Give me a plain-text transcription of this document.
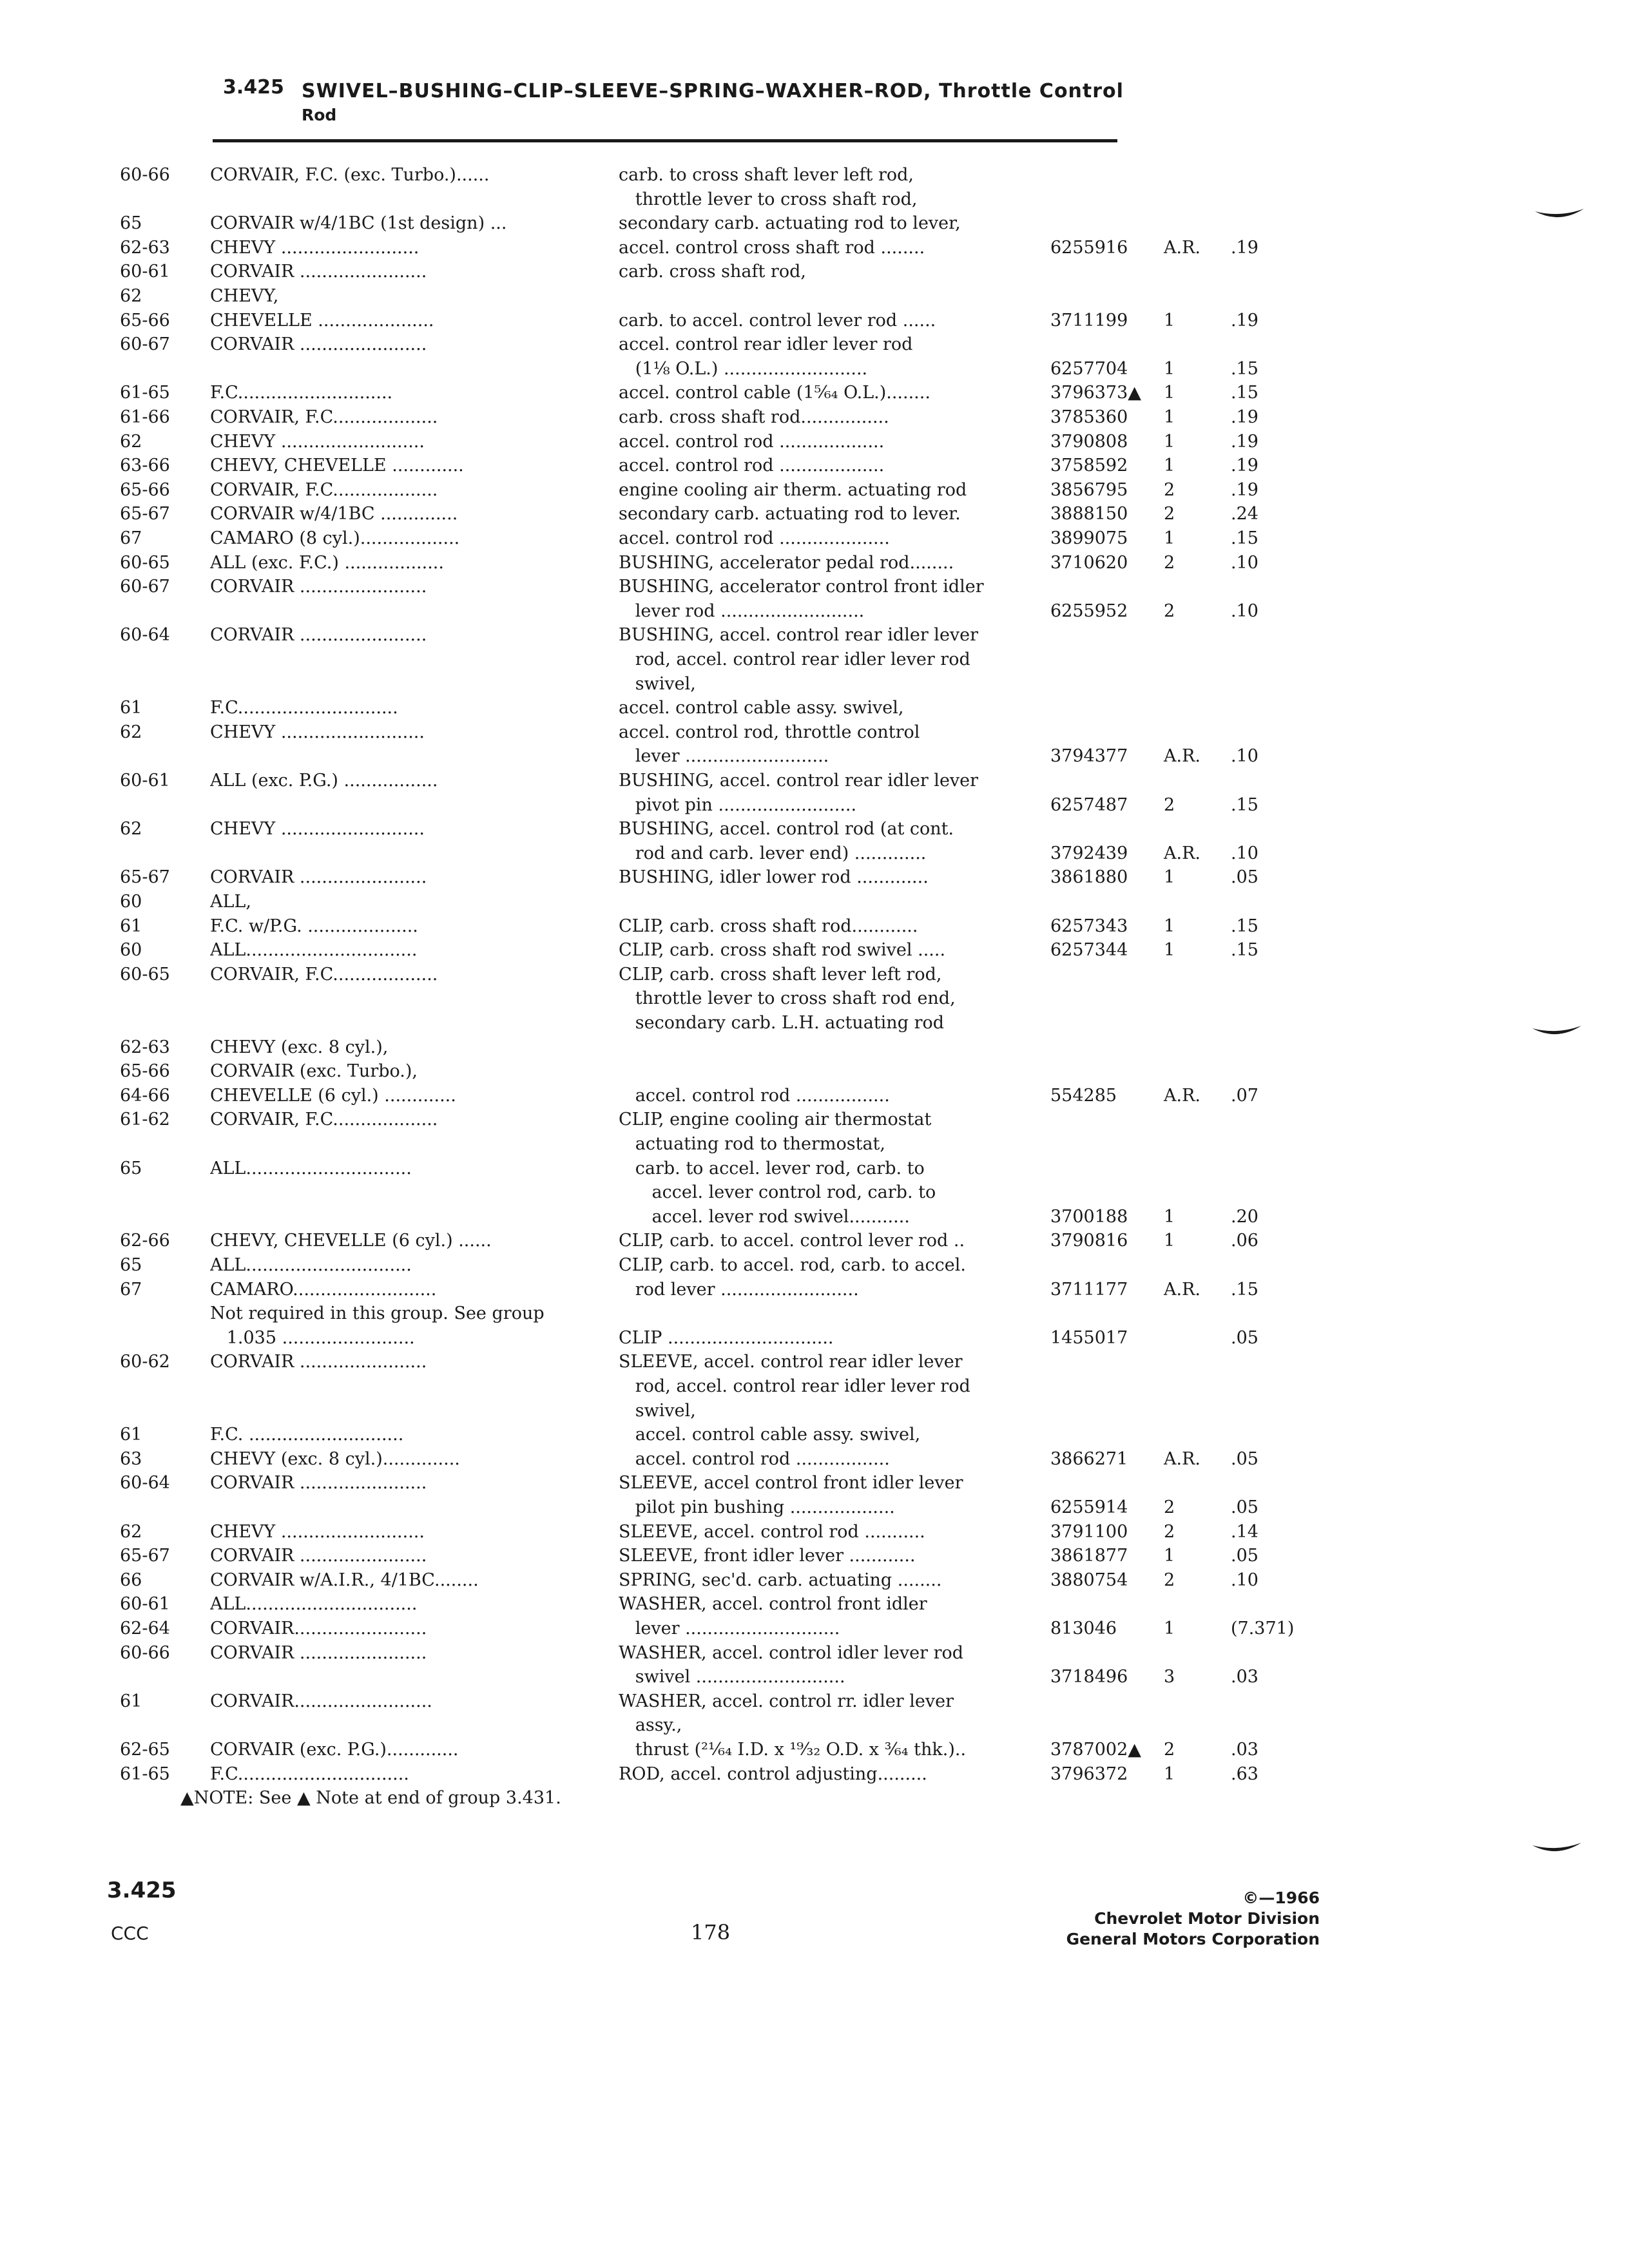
3.425 SWIVEL–BUSHING–CLIP–SLEEVE–SPRING–WAXHER–ROD, Throttle Control
Rod
60-66 CORVAIR, F.C. (exc. Turbo.)......	carb. to cross shaft lever left rod,
throttle lever to cross shaft rod,
65	CORVAIR w/4/1BC (1st design) ...	secondary carb. actuating rod to lever,
62-63 CHEVY .........................	accel. control cross shaft rod ........	6255916 A.R. .19
60-61 CORVAIR .......................	carb. cross shaft rod,
62	CHEVY,
65-66 CHEVELLE .....................	carb. to accel. control lever rod ......	3711199 1	.19
60-67 CORVAIR .......................	accel. control rear idler lever rod
(1⅛ O.L.) ..........................	6257704 1	.15
61-65 F.C............................	accel. control cable (1⁵⁄₆₄ O.L.)........	3796373▲ 1	.15
61-66 CORVAIR, F.C...................	carb. cross shaft rod................	3785360 1	.19
62	CHEVY ..........................	accel. control rod ...................	3790808 1	.19
63-66 CHEVY, CHEVELLE .............	accel. control rod ...................	3758592 1	.19
65-66 CORVAIR, F.C...................	engine cooling air therm. actuating rod	3856795 2	.19
65-67 CORVAIR w/4/1BC ..............	secondary carb. actuating rod to lever.	3888150 2	.24
67	CAMARO (8 cyl.)..................	accel. control rod ....................	3899075 1	.15
60-65 ALL (exc. F.C.) ..................	BUSHING, accelerator pedal rod........	3710620 2	.10
60-67 CORVAIR .......................	BUSHING, accelerator control front idler
lever rod ..........................	6255952 2	.10
60-64 CORVAIR .......................	BUSHING, accel. control rear idler lever
rod, accel. control rear idler lever rod
swivel,
61	F.C.............................	accel. control cable assy. swivel,
62	CHEVY ..........................	accel. control rod, throttle control
lever ..........................	3794377 A.R. .10
60-61 ALL (exc. P.G.) .................	BUSHING, accel. control rear idler lever
pivot pin .........................	6257487 2	.15
62	CHEVY ..........................	BUSHING, accel. control rod (at cont.
rod and carb. lever end) .............	3792439 A.R. .10
65-67 CORVAIR .......................	BUSHING, idler lower rod .............	3861880 1	.05
60	ALL,
61	F.C. w/P.G. ....................	CLIP, carb. cross shaft rod............	6257343 1	.15
60	ALL...............................	CLIP, carb. cross shaft rod swivel .....	6257344 1	.15
60-65 CORVAIR, F.C...................	CLIP, carb. cross shaft lever left rod,
throttle lever to cross shaft rod end,
secondary carb. L.H. actuating rod
62-63 CHEVY (exc. 8 cyl.),
65-66 CORVAIR (exc. Turbo.),
64-66 CHEVELLE (6 cyl.) .............	accel. control rod .................	554285	A.R. .07
61-62 CORVAIR, F.C...................	CLIP, engine cooling air thermostat
actuating rod to thermostat,
65	ALL..............................	carb. to accel. lever rod, carb. to
accel. lever control rod, carb. to
accel. lever rod swivel...........	3700188 1	.20
62-66 CHEVY, CHEVELLE (6 cyl.) ......	CLIP, carb. to accel. control lever rod ..	3790816 1	.06
65	ALL..............................	CLIP, carb. to accel. rod, carb. to accel.
67	CAMARO..........................	rod lever .........................	3711177 A.R. .15
Not required in this group. See group
1.035 ........................	CLIP ..............................	1455017	.05
60-62 CORVAIR .......................	SLEEVE, accel. control rear idler lever
rod, accel. control rear idler lever rod
swivel,
61	F.C. ............................	accel. control cable assy. swivel,
63	CHEVY (exc. 8 cyl.)..............	accel. control rod .................	3866271 A.R. .05
60-64 CORVAIR .......................	SLEEVE, accel control front idler lever
pilot pin bushing ...................	6255914 2	.05
62	CHEVY ..........................	SLEEVE, accel. control rod ...........	3791100 2	.14
65-67 CORVAIR .......................	SLEEVE, front idler lever ............	3861877 1	.05
66	CORVAIR w/A.I.R., 4/1BC........	SPRING, sec'd. carb. actuating ........	3880754 2	.10
60-61 ALL...............................	WASHER, accel. control front idler
62-64 CORVAIR........................	lever ............................	813046	1	(7.371)
60-66 CORVAIR .......................	WASHER, accel. control idler lever rod
swivel ...........................	3718496 3	.03
61	CORVAIR.........................	WASHER, accel. control rr. idler lever
assy.,
62-65 CORVAIR (exc. P.G.).............	thrust (²¹⁄₆₄ I.D. x ¹⁹⁄₃₂ O.D. x ³⁄₆₄ thk.)..	3787002▲ 2	.03
61-65 F.C...............................	ROD, accel. control adjusting.........	3796372 1	.63
▲NOTE: See ▲ Note at end of group 3.431.
3.425
CCC	178
©—1966
Chevrolet Motor Division
General Motors Corporation
